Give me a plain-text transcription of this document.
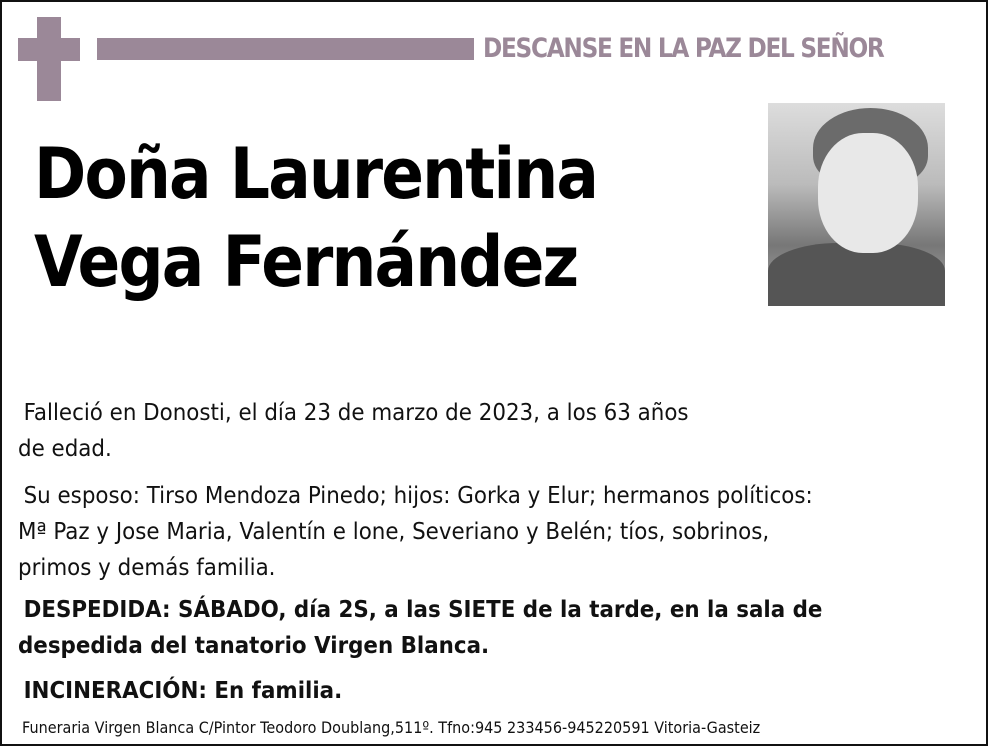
DESCANSE EN LA PAZ DEL SEÑOR
Doña Laurentina
Vega Fernández
Falleció en Donosti, el día 23 de marzo de 2023, a los 63 años
de edad.
Su esposo: Tirso Mendoza Pinedo; hijos: Gorka y Elur; hermanos políticos:
Mª Paz y Jose Maria, Valentín e lone, Severiano y Belén; tíos, sobrinos,
primos y demás familia.
DESPEDIDA: SÁBADO, día 2S, a las SIETE de la tarde, en la sala de
despedida del tanatorio Virgen Blanca.
INCINERACIÓN: En familia.
Funeraria Virgen Blanca C/Pintor Teodoro Doublang,511º. Tfno:945 233456-945220591 Vitoria-Gasteiz
